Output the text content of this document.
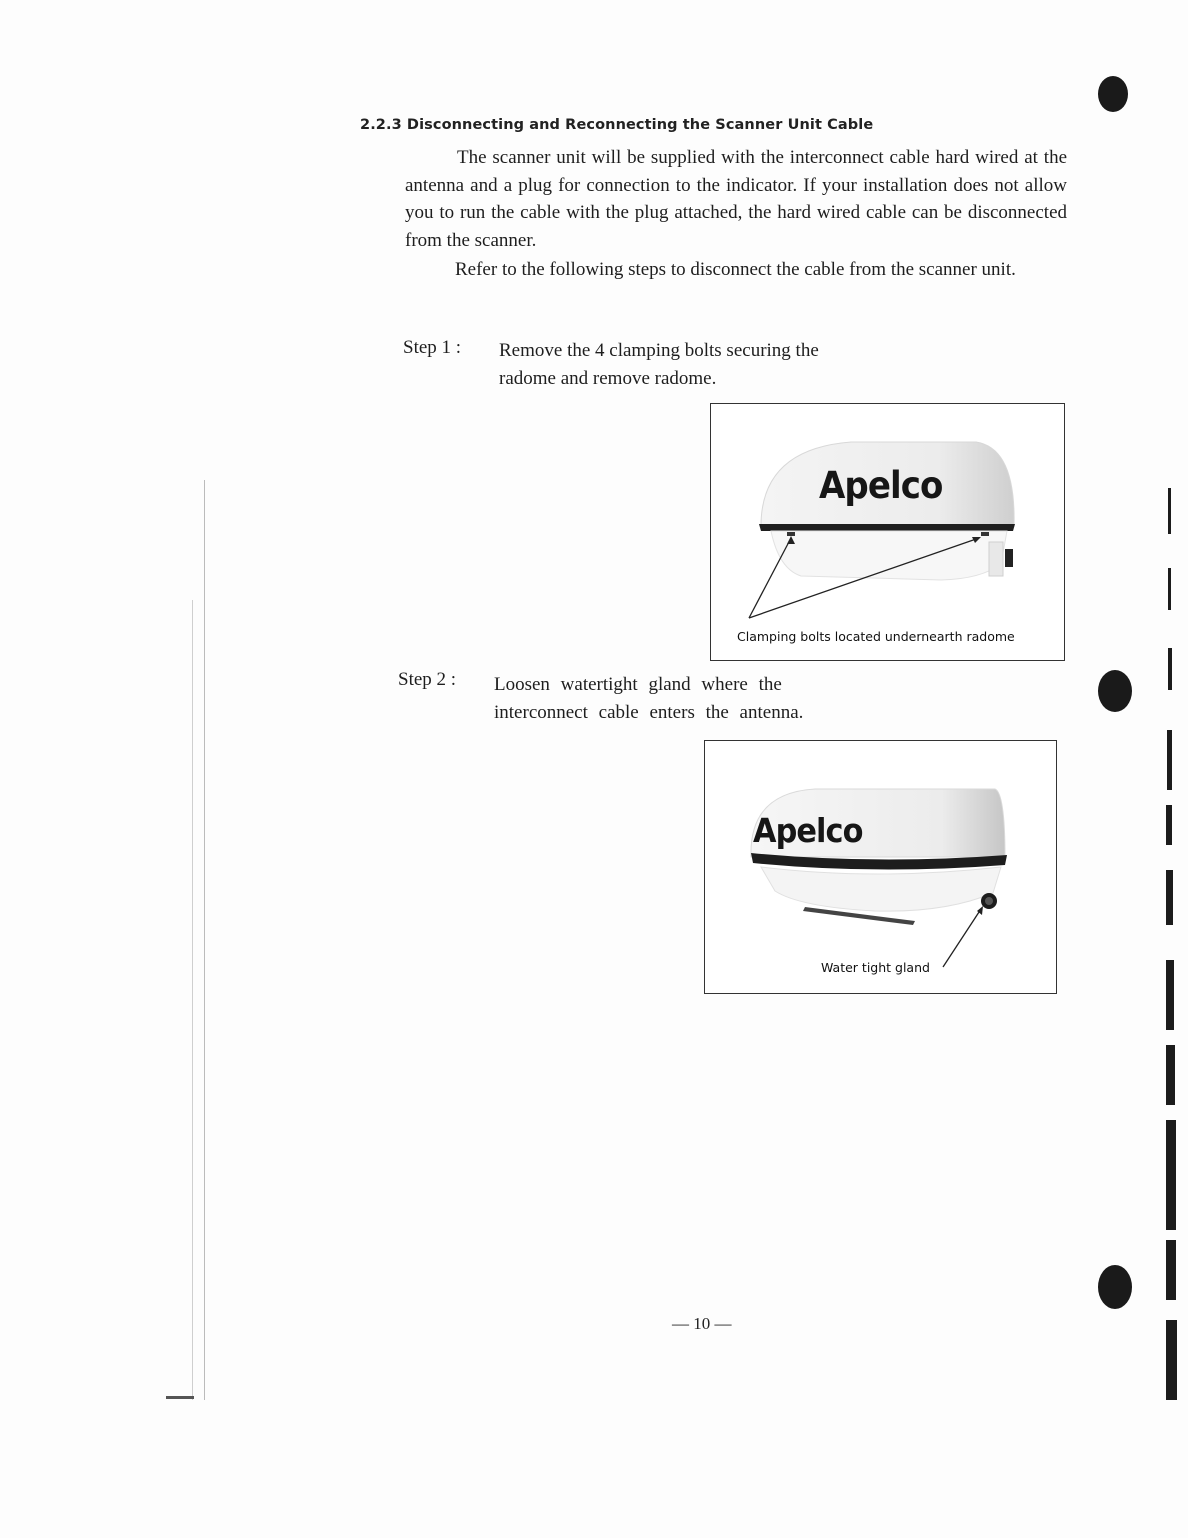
2.2.3 Disconnecting and Reconnecting the Scanner Unit Cable

The scanner unit will be supplied with the interconnect cable hard wired at the antenna and a plug for connection to the indicator. If your installation does not allow you to run the cable with the plug attached, the hard wired cable can be disconnected from the scanner.

Refer to the following steps to disconnect the cable from the scanner unit.

Step 1 : Remove the 4 clamping bolts securing the radome and remove radome.
Apelco
Clamping bolts located undernearth radome
Step 2 : Loosen watertight gland where the interconnect cable enters the antenna.
Apelco
Water tight gland
— 10 —
